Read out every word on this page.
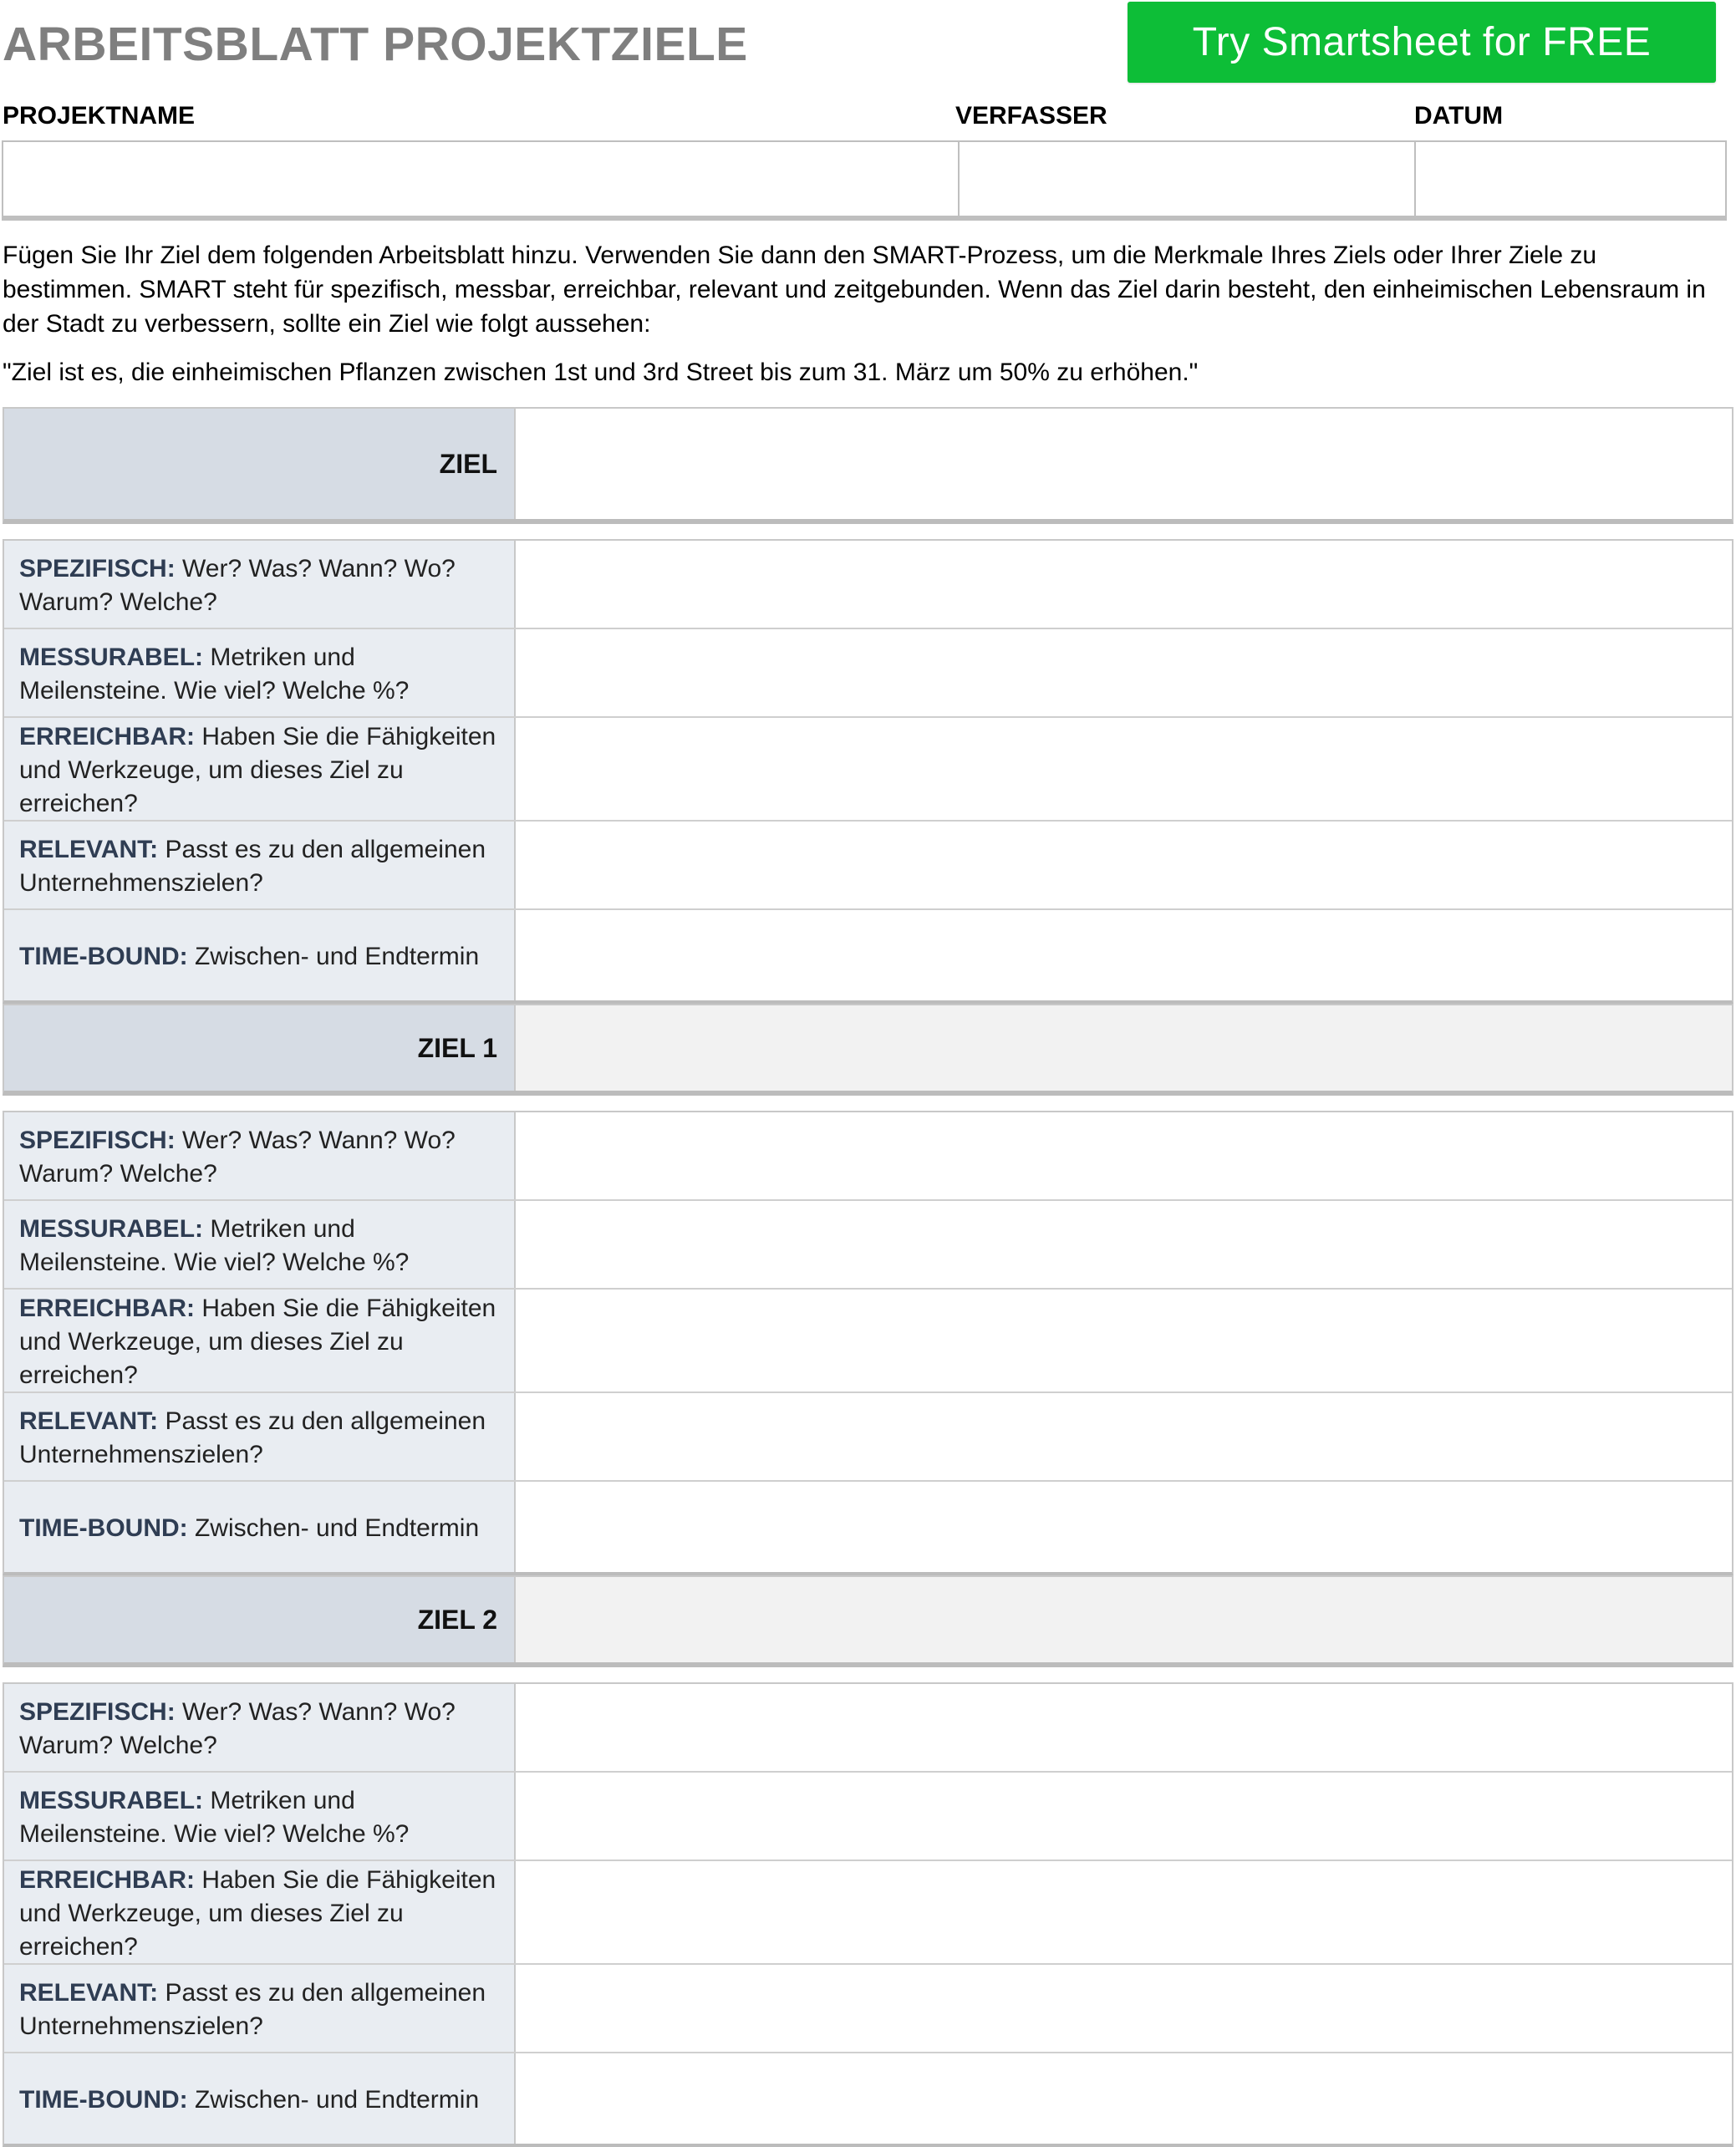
ARBEITSBLATT PROJEKTZIELE	Try Smartsheet for FREE
PROJEKTNAME	VERFASSER	DATUM

Fügen Sie Ihr Ziel dem folgenden Arbeitsblatt hinzu. Verwenden Sie dann den SMART-Prozess, um die Merkmale Ihres Ziels oder Ihrer Ziele zu bestimmen. SMART steht für spezifisch, messbar, erreichbar, relevant und zeitgebunden. Wenn das Ziel darin besteht, den einheimischen Lebensraum in der Stadt zu verbessern, sollte ein Ziel wie folgt aussehen:

"Ziel ist es, die einheimischen Pflanzen zwischen 1st und 3rd Street bis zum 31. März um 50% zu erhöhen."

ZIEL
SPEZIFISCH: Wer? Was? Wann? Wo? Warum? Welche?
MESSURABEL: Metriken und Meilensteine. Wie viel? Welche %?
ERREICHBAR: Haben Sie die Fähigkeiten und Werkzeuge, um dieses Ziel zu erreichen?
RELEVANT: Passt es zu den allgemeinen Unternehmenszielen?
TIME-BOUND: Zwischen- und Endtermin
ZIEL 1
SPEZIFISCH: Wer? Was? Wann? Wo? Warum? Welche?
MESSURABEL: Metriken und Meilensteine. Wie viel? Welche %?
ERREICHBAR: Haben Sie die Fähigkeiten und Werkzeuge, um dieses Ziel zu erreichen?
RELEVANT: Passt es zu den allgemeinen Unternehmenszielen?
TIME-BOUND: Zwischen- und Endtermin
ZIEL 2
SPEZIFISCH: Wer? Was? Wann? Wo? Warum? Welche?
MESSURABEL: Metriken und Meilensteine. Wie viel? Welche %?
ERREICHBAR: Haben Sie die Fähigkeiten und Werkzeuge, um dieses Ziel zu erreichen?
RELEVANT: Passt es zu den allgemeinen Unternehmenszielen?
TIME-BOUND: Zwischen- und Endtermin
